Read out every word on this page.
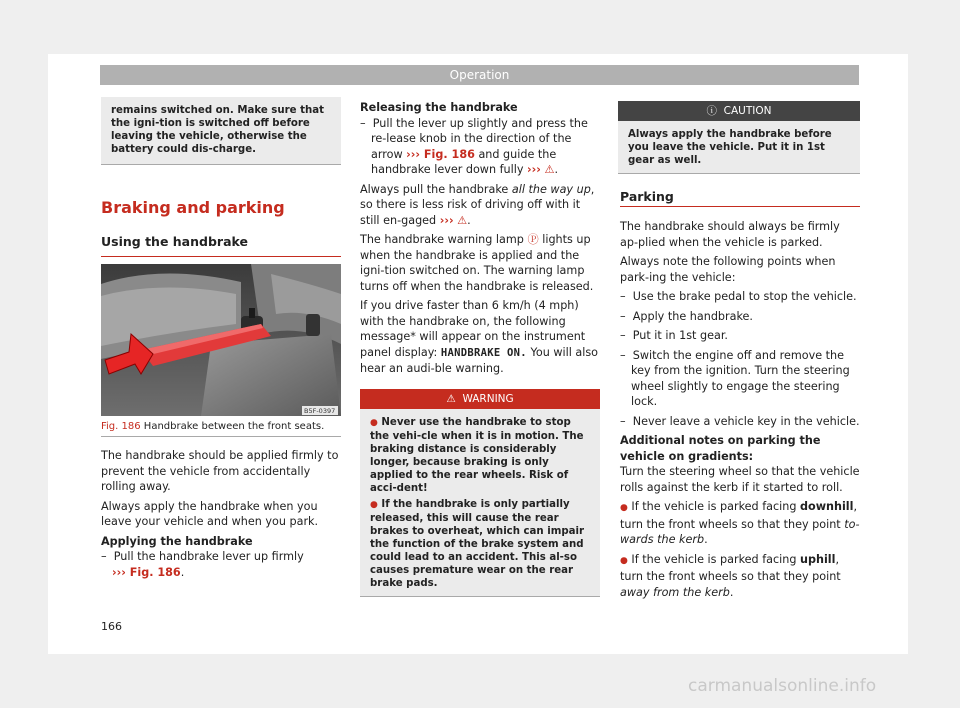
Operation
remains switched on. Make sure that the igni-tion is switched off before leaving the vehicle, otherwise the battery could dis-charge.
Braking and parking
Using the handbrake
B5F-0397
Fig. 186 Handbrake between the front seats.

The handbrake should be applied firmly to prevent the vehicle from accidentally rolling away.

Always apply the handbrake when you leave your vehicle and when you park.

Applying the handbrake

–  Pull the handbrake lever up firmly
››› Fig. 186.

166

Releasing the handbrake

–  Pull the lever up slightly and press the re-lease knob in the direction of the arrow ››› Fig. 186 and guide the handbrake lever down fully ››› ⚠.

Always pull the handbrake all the way up, so there is less risk of driving off with it still en-gaged ››› ⚠.

The handbrake warning lamp Ⓟ lights up when the handbrake is applied and the igni-tion switched on. The warning lamp turns off when the handbrake is released.

If you drive faster than 6 km/h (4 mph) with the handbrake on, the following message* will appear on the instrument panel display: HANDBRAKE ON. You will also hear an audi-ble warning.

⚠ WARNING

● Never use the handbrake to stop the vehi-cle when it is in motion. The braking distance is considerably longer, because braking is only applied to the rear wheels. Risk of acci-dent!

● If the handbrake is only partially released, this will cause the rear brakes to overheat, which can impair the function of the brake system and could lead to an accident. This al-so causes premature wear on the rear brake pads.

ⓘ CAUTION
Always apply the handbrake before you leave the vehicle. Put it in 1st gear as well.
Parking

The handbrake should always be firmly ap-plied when the vehicle is parked.

Always note the following points when park-ing the vehicle:

–  Use the brake pedal to stop the vehicle.

–  Apply the handbrake.

–  Put it in 1st gear.

–  Switch the engine off and remove the key from the ignition. Turn the steering wheel slightly to engage the steering lock.

–  Never leave a vehicle key in the vehicle.

Additional notes on parking the vehicle on gradients:

Turn the steering wheel so that the vehicle rolls against the kerb if it started to roll.

● If the vehicle is parked facing downhill, turn the front wheels so that they point to-wards the kerb.

● If the vehicle is parked facing uphill, turn the front wheels so that they point away from the kerb.

carmanualsonline.info
